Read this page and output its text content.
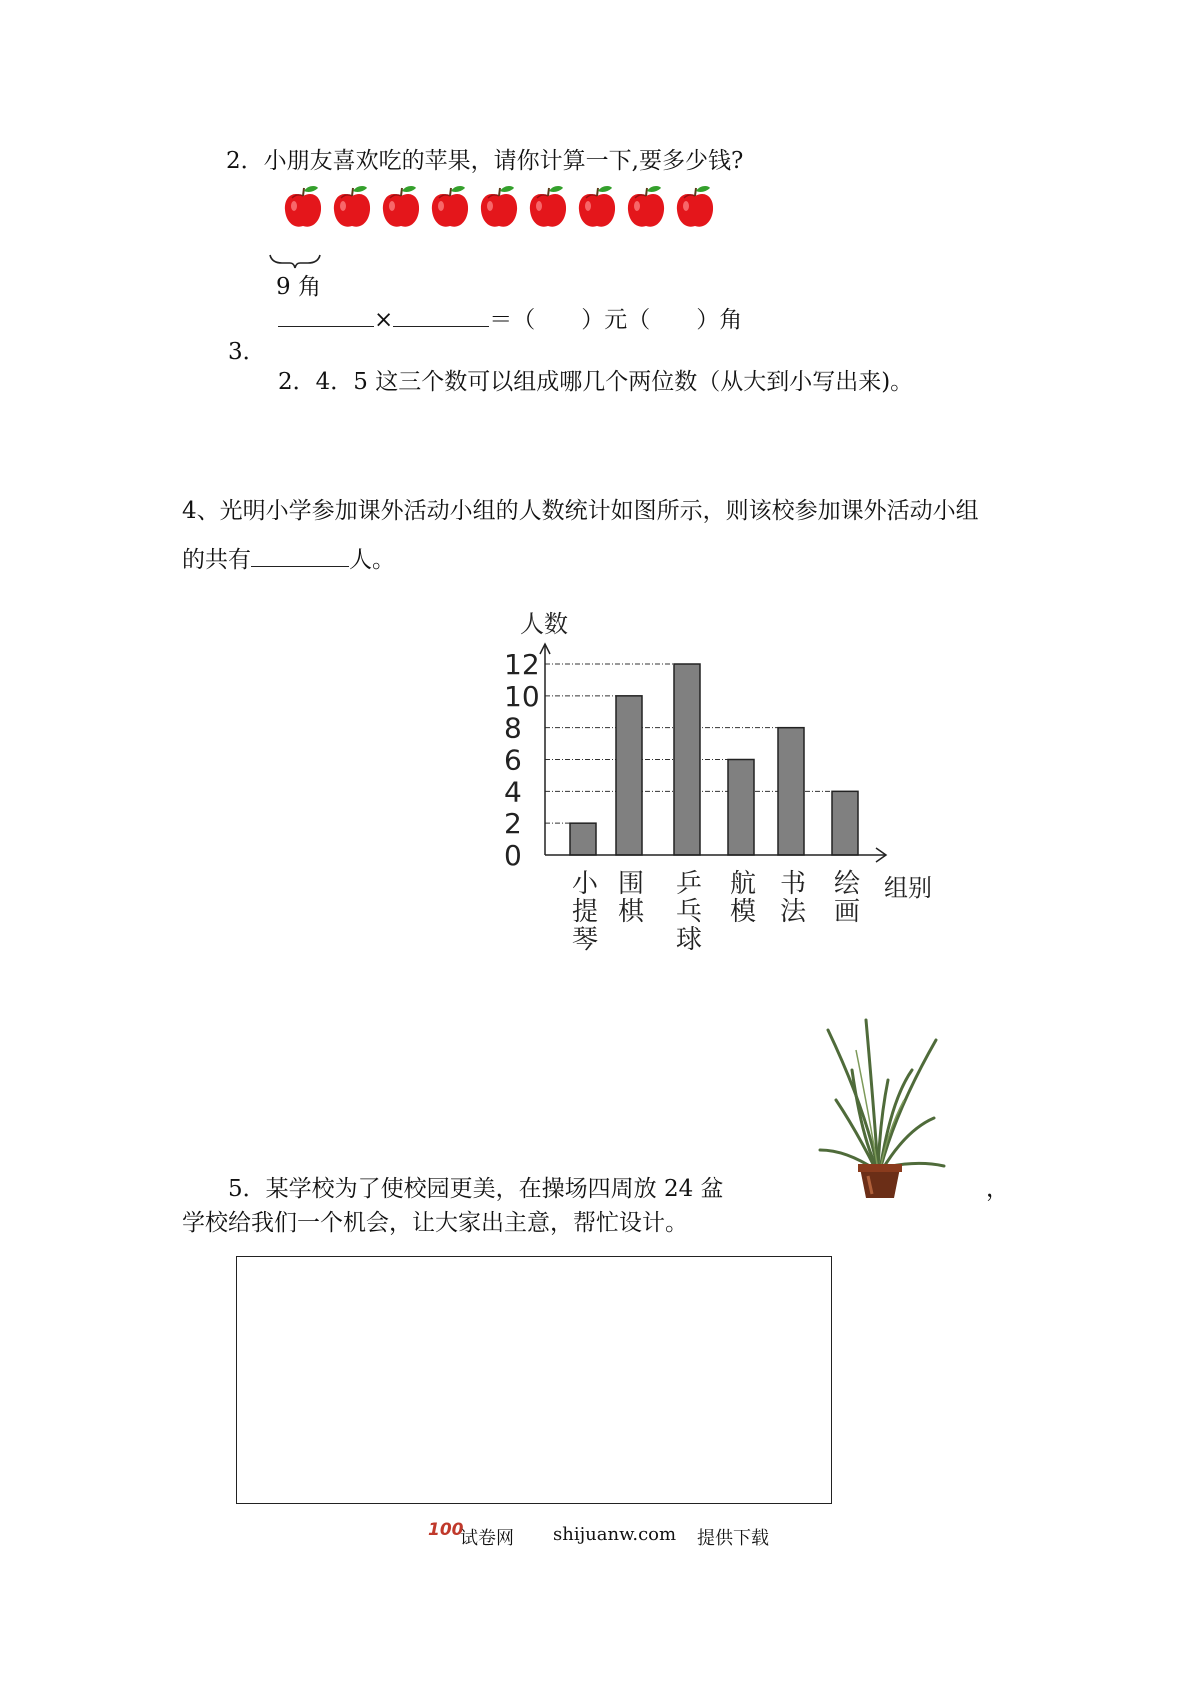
2．小朋友喜欢吃的苹果，请你计算一下,要多少钱?
9 角
×	＝（ ）元（ ）角
3．
2．4．5 这三个数可以组成哪几个两位数（从大到小写出来)。
4、光明小学参加课外活动小组的人数统计如图所示，则该校参加课外活动小组
的共有	人。
0
2
4
6
8
10
12
人数
组别
小
提
琴
围
棋
乒
乓
球
航
模
书
法
绘
画
5．某学校为了使校园更美，在操场四周放 24 盆	，
学校给我们一个机会，让大家出主意，帮忙设计。
100
试卷网 shijuanw.com 提供下载
